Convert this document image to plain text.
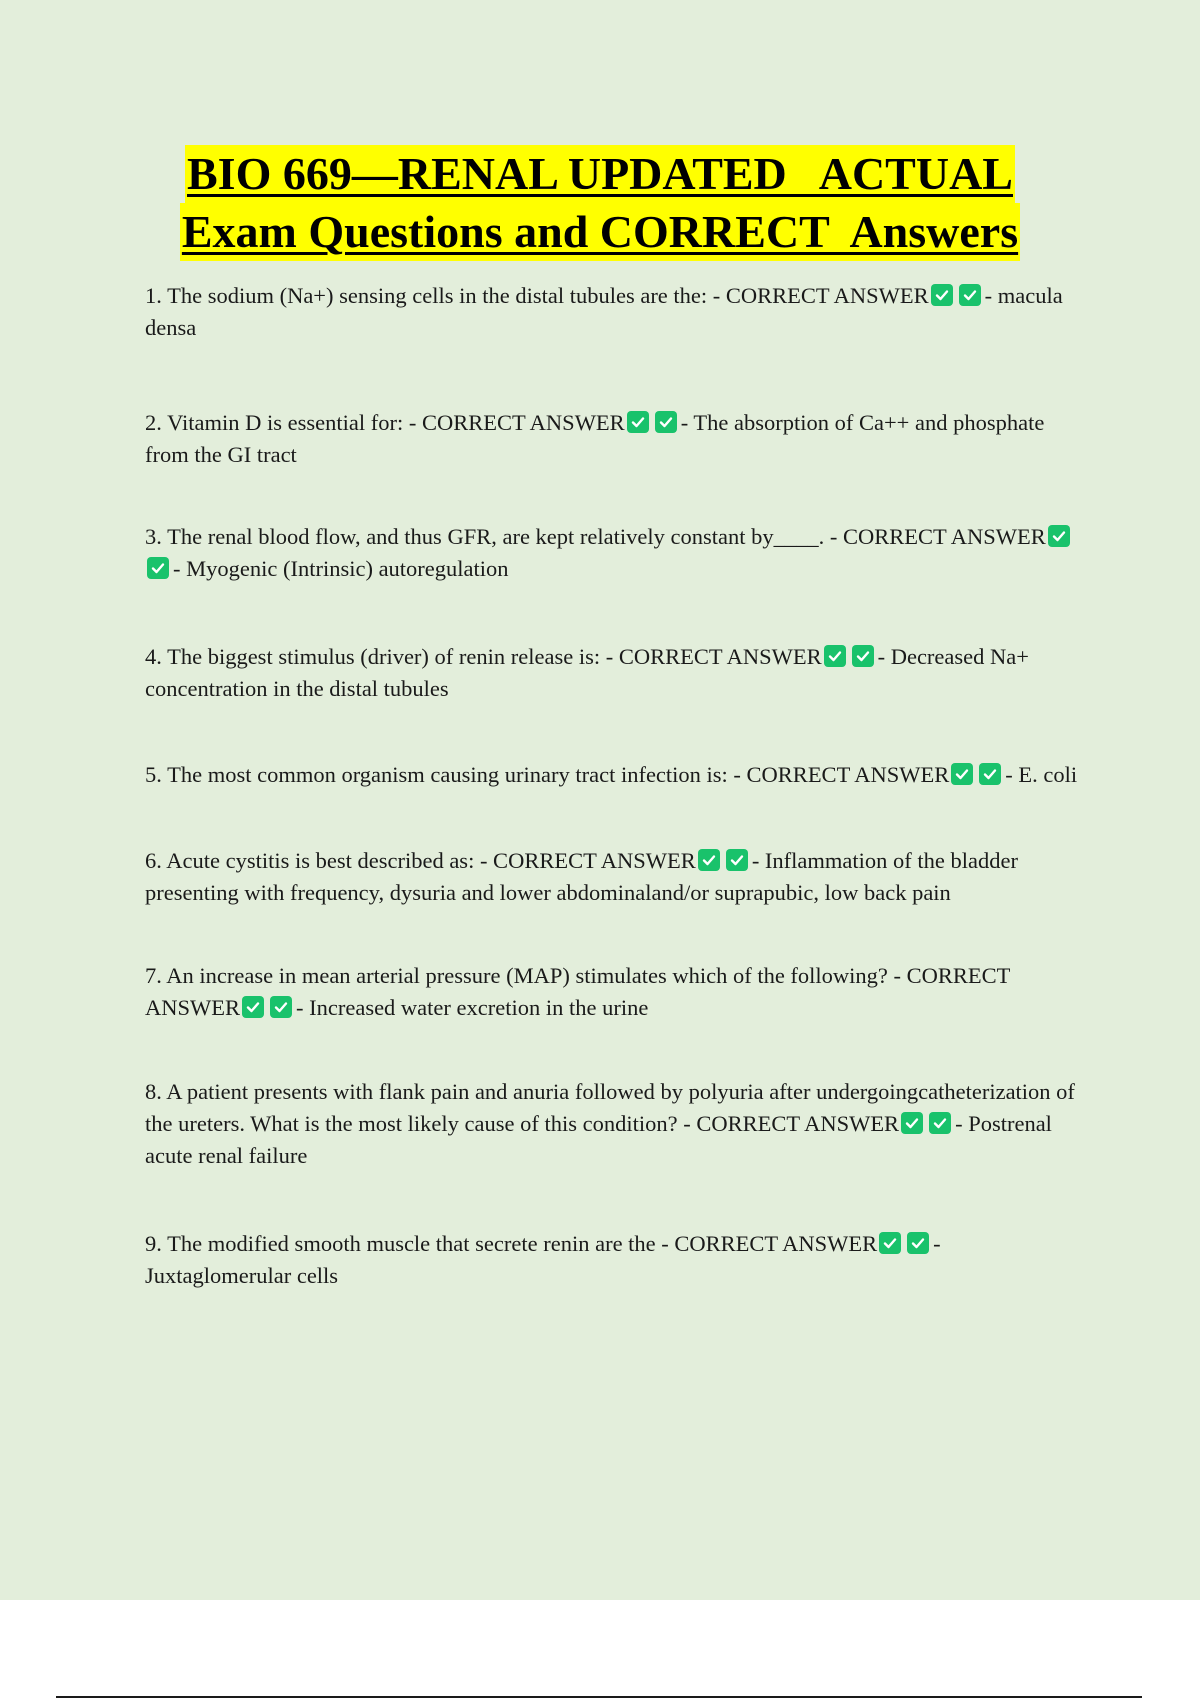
BIO 669—RENAL UPDATED   ACTUAL
Exam Questions and CORRECT  Answers

1. The sodium (Na+) sensing cells in the distal tubules are the: - CORRECT ANSWER - macula densa

2. Vitamin D is essential for: - CORRECT ANSWER - The absorption of Ca++ and phosphate from the GI tract

3. The renal blood flow, and thus GFR, are kept relatively constant by____. - CORRECT ANSWER
- Myogenic (Intrinsic) autoregulation

4. The biggest stimulus (driver) of renin release is: - CORRECT ANSWER - Decreased Na+ concentration in the distal tubules

5. The most common organism causing urinary tract infection is: - CORRECT ANSWER - E. coli

6. Acute cystitis is best described as: - CORRECT ANSWER - Inflammation of the bladder presenting with frequency, dysuria and lower abdominaland/or suprapubic, low back pain

7. An increase in mean arterial pressure (MAP) stimulates which of the following? - CORRECT ANSWER - Increased water excretion in the urine

8. A patient presents with flank pain and anuria followed by polyuria after undergoingcatheterization of the ureters. What is the most likely cause of this condition? - CORRECT ANSWER - Postrenal acute renal failure

9. The modified smooth muscle that secrete renin are the - CORRECT ANSWER - Juxtaglomerular cells
